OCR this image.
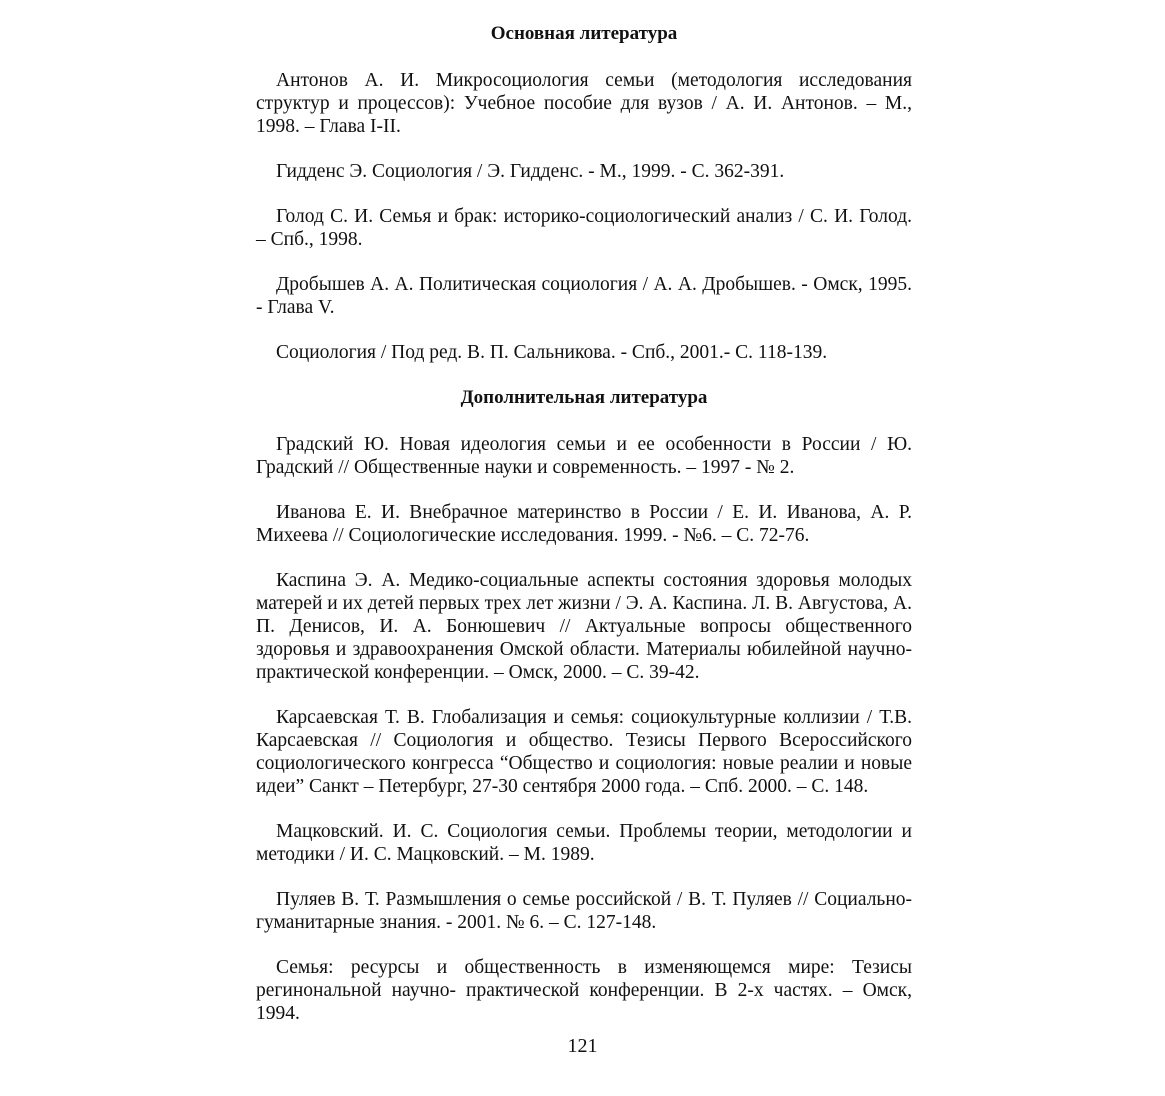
Основная литература

Антонов А. И. Микросоциология семьи (методология исследования структур и процессов): Учебное пособие для вузов / А. И. Антонов. – М., 1998. – Глава I-II.

Гидденс Э. Социология / Э. Гидденс. - М., 1999. - С. 362-391.

Голод С. И. Семья и брак: историко-социологический анализ / С. И. Голод. – Спб., 1998.

Дробышев А. А. Политическая социология / А. А. Дробышев. - Омск, 1995. - Глава V.

Социология / Под ред. В. П. Сальникова. - Спб., 2001.- С. 118-139.

Дополнительная литература

Градский Ю. Новая идеология семьи и ее особенности в России / Ю. Градский // Общественные науки и современность. – 1997 - № 2.

Иванова Е. И. Внебрачное материнство в России / Е. И. Иванова, А. Р. Михеева // Социологические исследования. 1999. - №6. – С. 72-76.

Каспина Э. А. Медико-социальные аспекты состояния здоровья молодых матерей и их детей первых трех лет жизни / Э. А. Каспина. Л. В. Августова, А. П. Денисов, И. А. Бонюшевич // Актуальные вопросы общественного здоровья и здравоохранения Омской области. Материалы юбилейной научно-практической конференции. – Омск, 2000. – С. 39-42.

Карсаевская Т. В. Глобализация и семья: социокультурные коллизии / Т.В. Карсаевская // Социология и общество. Тезисы Первого Всероссийского социологического конгресса “Общество и социология: новые реалии и новые идеи” Санкт – Петербург, 27-30 сентября 2000 года. – Спб. 2000. – С. 148.

Мацковский. И. С. Социология семьи. Проблемы теории, методологии и методики / И. С. Мацковский. – М. 1989.

Пуляев В. Т. Размышления о семье российской / В. Т. Пуляев // Социально-гуманитарные знания. - 2001. № 6. – С. 127-148.

Семья: ресурсы и общественность в изменяющемся мире: Тезисы регинональной научно- практической конференции. В 2-х частях. – Омск, 1994.

121
